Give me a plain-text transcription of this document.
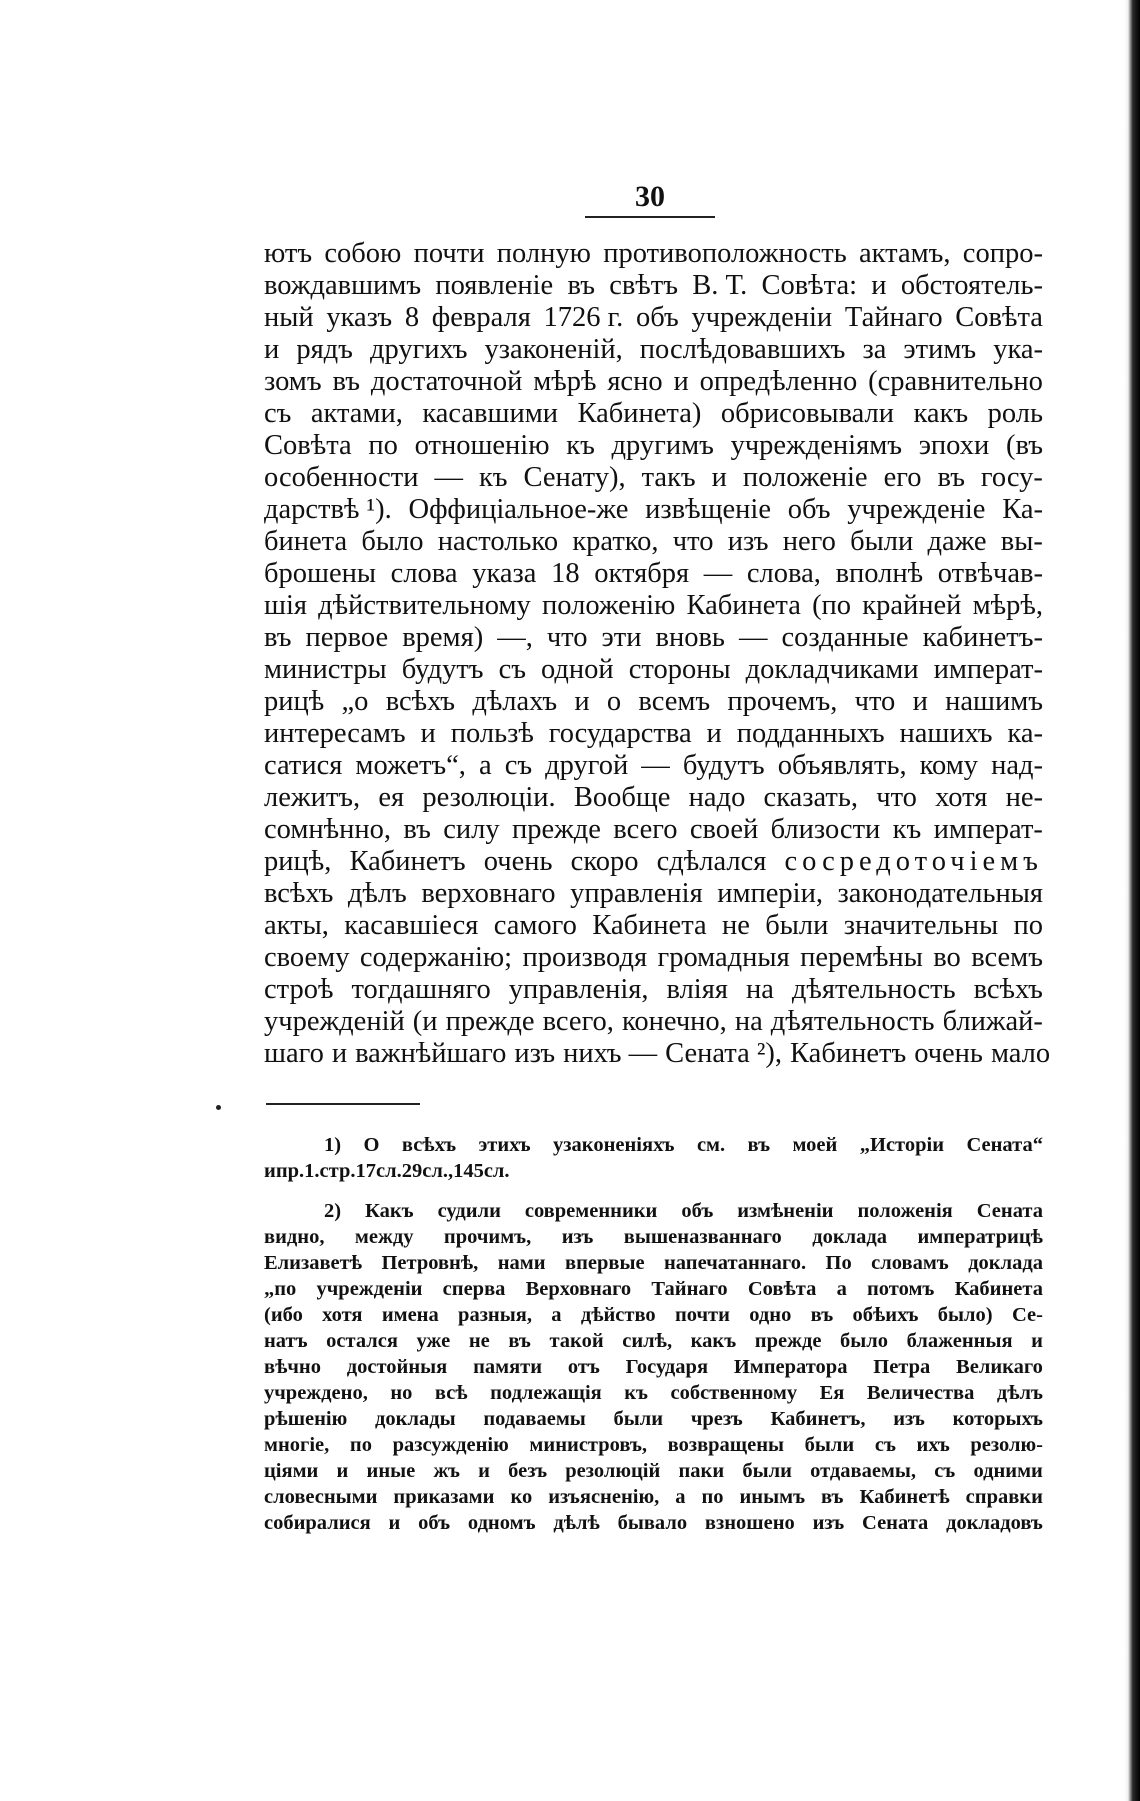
30
ютъ собою почти полную противоположность актамъ, сопро-
вождавшимъ появленіе въ свѣтъ В. Т. Совѣта: и обстоятель-
ный указъ 8 февраля 1726 г. объ учрежденіи Тайнаго Совѣта
и рядъ другихъ узаконеній, послѣдовавшихъ за этимъ ука-
зомъ въ достаточной мѣрѣ ясно и опредѣленно (сравнительно
съ актами, касавшими Кабинета) обрисовывали какъ роль
Совѣта по отношенію къ другимъ учрежденіямъ эпохи (въ
особенности — къ Сенату), такъ и положеніе его въ госу-
дарствѣ ¹). Оффиціальное-же извѣщеніе объ учрежденіе Ка-
бинета было настолько кратко, что изъ него были даже вы-
брошены слова указа 18 октября — слова, вполнѣ отвѣчав-
шія дѣйствительному положенію Кабинета (по крайней мѣрѣ,
въ первое время) —, что эти вновь — созданные кабинетъ-
министры будутъ съ одной стороны докладчиками императ-
рицѣ „о всѣхъ дѣлахъ и о всемъ прочемъ, что и нашимъ
интересамъ и пользѣ государства и подданныхъ нашихъ ка-
сатися можетъ“, а съ другой — будутъ объявлять, кому над-
лежитъ, ея резолюціи. Вообще надо сказать, что хотя не-
сомнѣнно, въ силу прежде всего своей близости къ императ-
рицѣ, Кабинетъ очень скоро сдѣлался сосредоточіемъ
всѣхъ дѣлъ верховнаго управленія имперіи, законодательныя
акты, касавшіеся самого Кабинета не были значительны по
своему содержанію; производя громадныя перемѣны во всемъ
строѣ тогдашняго управленія, вліяя на дѣятельность всѣхъ
учрежденій (и прежде всего, конечно, на дѣятельность ближай-
шаго и важнѣйшаго изъ нихъ — Сената ²), Кабинетъ очень мало
1) О всѣхъ этихъ узаконеніяхъ см. въ моей „Исторіи Сената“
и пр. 1. стр. 17 сл. 29 сл., 145 сл.
2) Какъ судили современники объ измѣненіи положенія Сената
видно, между прочимъ, изъ вышеназваннаго доклада императрицѣ
Елизаветѣ Петровнѣ, нами впервые напечатаннаго. По словамъ доклада
„по учрежденіи сперва Верховнаго Тайнаго Совѣта а потомъ Кабинета
(ибо хотя имена разныя, а дѣйство почти одно въ обѣихъ было) Се-
натъ остался уже не въ такой силѣ, какъ прежде было блаженныя и
вѣчно достойныя памяти отъ Государя Императора Петра Великаго
учреждено, но всѣ подлежащія къ собственному Ея Величества дѣлъ
рѣшенію доклады подаваемы были чрезъ Кабинетъ, изъ которыхъ
многіе, по разсужденію министровъ, возвращены были съ ихъ резолю-
ціями и иные жъ и безъ резолюцій паки были отдаваемы, съ одними
словесными приказами ко изъясненію, а по инымъ въ Кабинетѣ справки
собиралися и объ одномъ дѣлѣ бывало взношено изъ Сената докладовъ
